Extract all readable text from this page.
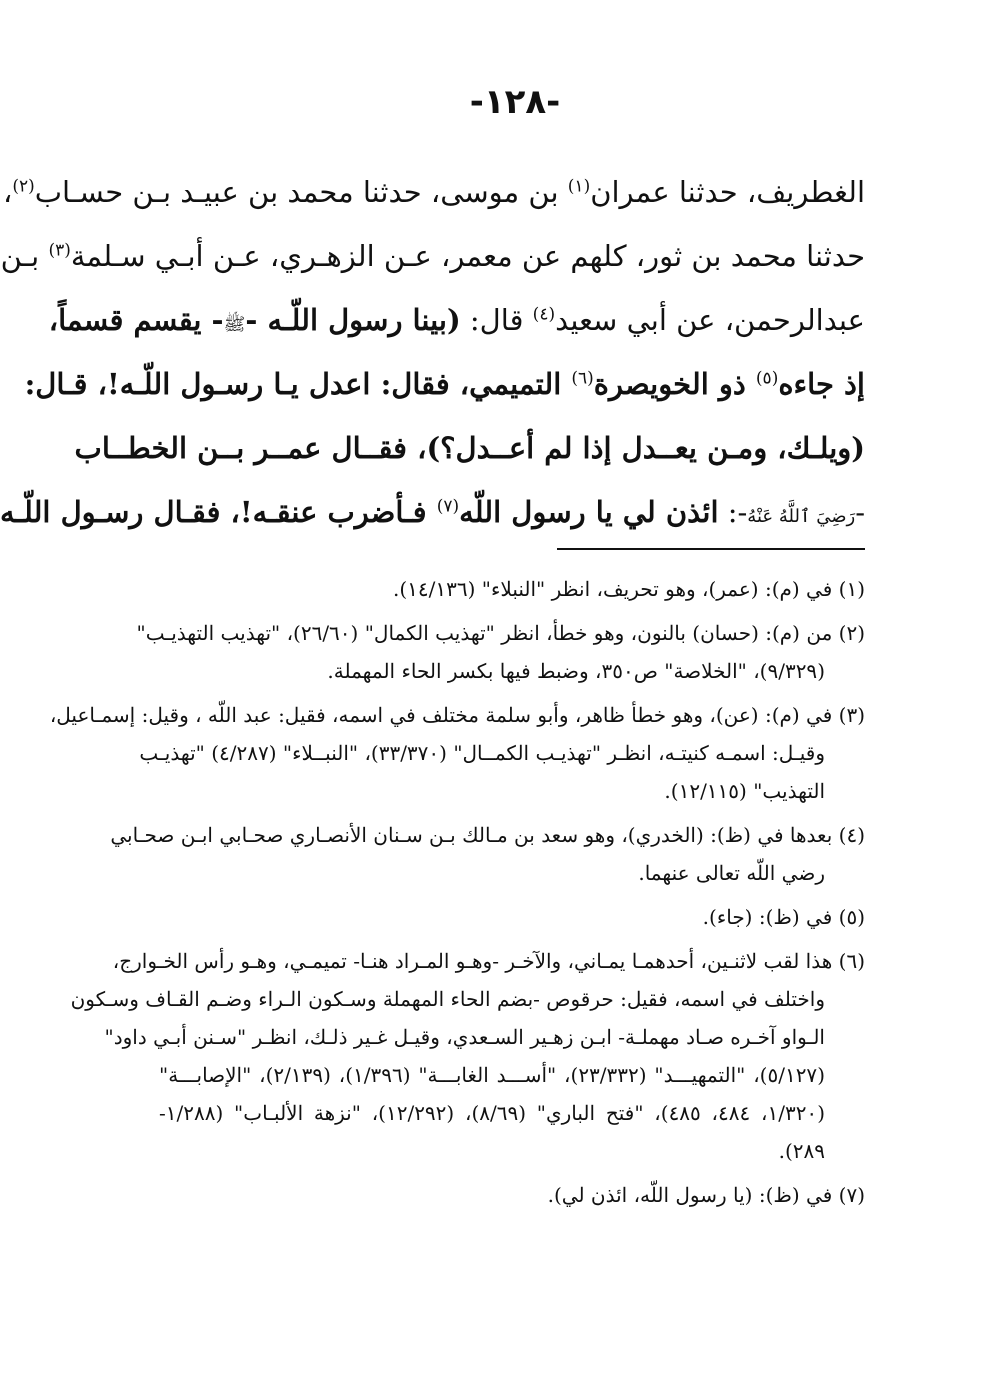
-١٢٨-
الغطريف، حدثنا عمران$^{(١)}$ بن موسى، حدثنا محمد بن عبيـد بـن حسـاب$^{(٢)}$،
حدثنا محمد بن ثور، كلهم عن معمر، عـن الزهـري، عـن أبـي سـلمة$^{(٣)}$ بـن
عبدالرحمن، عن أبي سعيد$^{(٤)}$ قال: (بينا رسول اللّـه -ﷺ- يقسم قسماً،
إذ جاءه$^{(٥)}$ ذو الخويصرة$^{(٦)}$ التميمي، فقال: اعدل يـا رسـول اللّـه!، قـال:
(ويلـك، ومـن يعــدل إذا لم أعــدل؟)، فقــال عمــر بــن الخطــاب
-رَضِيَ ٱللَّهُ عَنْهُ-: ائذن لي يا رسول اللّه$^{(٧)}$ فـأضرب عنقـه!، فقـال رسـول اللّـه
(١) في (م): (عمر)، وهو تحريف، انظر "النبلاء" (١٤/١٣٦).
(٢) من (م): (حسان) بالنون، وهو خطأ، انظر "تهذيب الكمال" (٢٦/٦٠)، "تهذيب التهذيـب"
(٩/٣٢٩)، "الخلاصة" ص٣٥٠، وضبط فيها بكسر الحاء المهملة.
(٣) في (م): (عن)، وهو خطأ ظاهر، وأبو سلمة مختلف في اسمه، فقيل: عبد اللّه ، وقيل: إسمـاعيل،
وقيـل: اسمـه كنيتـه، انظـر "تهذيـب الكمــال" (٣٣/٣٧٠)، "النبــلاء" (٤/٢٨٧) "تهذيـب
التهذيب" (١٢/١١٥).
(٤) بعدها في (ظ): (الخدري)، وهو سعد بن مـالك بـن سـنان الأنصـاري صحـابي ابـن صحـابي
رضي اللّه تعالى عنهما.
(٥) في (ظ): (جاء).
(٦) هذا لقب لاثنـين، أحدهمـا يمـاني، والآخـر -وهـو المـراد هنـا- تميمـي، وهـو رأس الخـوارج،
واختلف في اسمه، فقيل: حرقوص -بضم الحاء المهملة وسـكون الـراء وضـم القـاف وسـكون
الـواو آخـره صـاد مهملـة- ابـن زهـير السـعدي، وقيـل غـير ذلـك، انظـر "سـنن أبـي داود"
(٥/١٢٧)، "التمهيـــد" (٢٣/٣٣٢)، "أســـد الغابـــة" (١/٣٩٦)، (٢/١٣٩)، "الإصابـــة"
(١/٣٢٠، ٤٨٤، ٤٨٥)، "فتح الباري" (٨/٦٩)، (١٢/٢٩٢)، "نزهة الألبـاب" (١/٢٨٨-
٢٨٩).
(٧) في (ظ): (يا رسول اللّه، ائذن لي).
